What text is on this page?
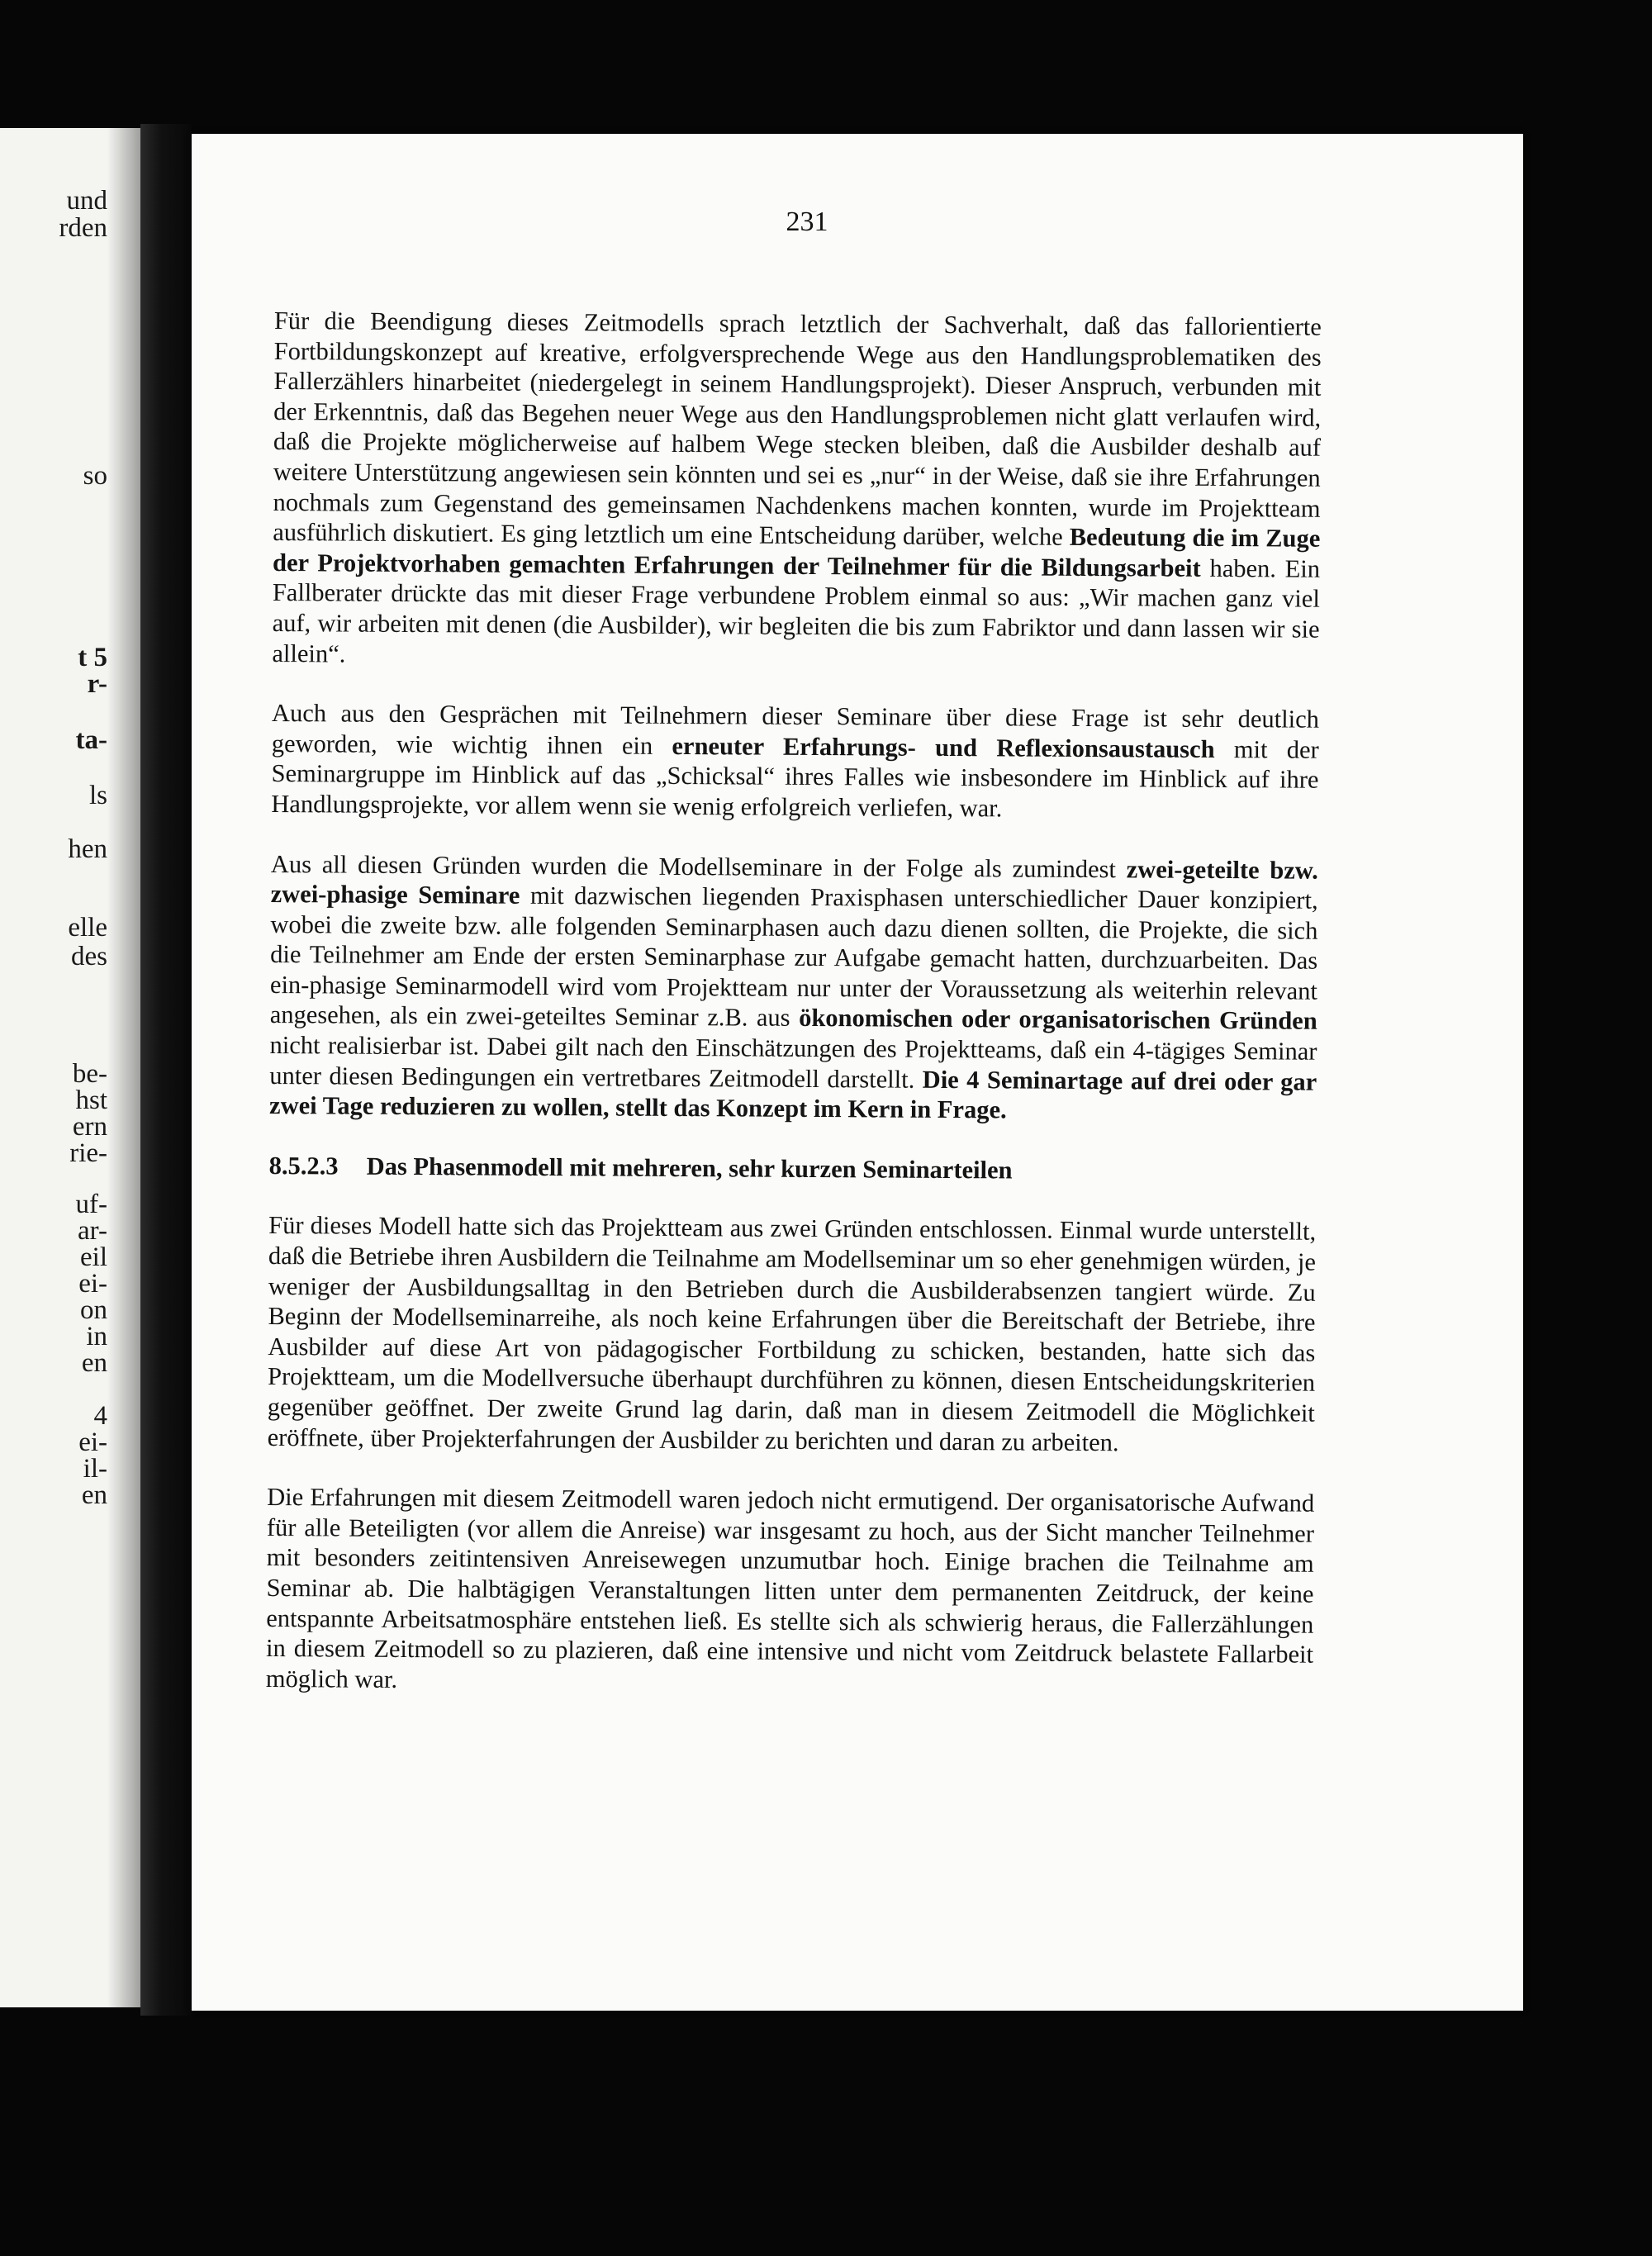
und
rden
so
t 5
r-
ta-
ls
hen
elle
des
be-
hst
ern
rie-
uf-
ar-
eil
ei-
on
in
en
4
ei-
il-
en
231

Für die Beendigung dieses Zeitmodells sprach letztlich der Sachverhalt, daß das fallorientierte Fortbildungskonzept auf kreative, erfolgversprechende Wege aus den Handlungsproblematiken des Fallerzählers hinarbeitet (niedergelegt in seinem Handlungsprojekt). Dieser Anspruch, verbunden mit der Erkenntnis, daß das Begehen neuer Wege aus den Handlungsproblemen nicht glatt verlaufen wird, daß die Projekte möglicherweise auf halbem Wege stecken bleiben, daß die Ausbilder deshalb auf weitere Unterstützung angewiesen sein könnten und sei es „nur“ in der Weise, daß sie ihre Erfahrungen nochmals zum Gegenstand des gemeinsamen Nachdenkens machen konnten, wurde im Projektteam ausführlich diskutiert. Es ging letztlich um eine Entscheidung darüber, welche Bedeutung die im Zuge der Projektvorhaben gemachten Erfahrungen der Teilnehmer für die Bildungsarbeit haben. Ein Fallberater drückte das mit dieser Frage verbundene Problem einmal so aus: „Wir machen ganz viel auf, wir arbeiten mit denen (die Ausbilder), wir begleiten die bis zum Fabriktor und dann lassen wir sie allein“.

Auch aus den Gesprächen mit Teilnehmern dieser Seminare über diese Frage ist sehr deutlich geworden, wie wichtig ihnen ein erneuter Erfahrungs- und Reflexionsaustausch mit der Seminargruppe im Hinblick auf das „Schicksal“ ihres Falles wie insbesondere im Hinblick auf ihre Handlungsprojekte, vor allem wenn sie wenig erfolgreich verliefen, war.

Aus all diesen Gründen wurden die Modellseminare in der Folge als zumindest zwei-geteilte bzw. zwei-phasige Seminare mit dazwischen liegenden Praxisphasen unterschiedlicher Dauer konzipiert, wobei die zweite bzw. alle folgenden Seminarphasen auch dazu dienen sollten, die Projekte, die sich die Teilnehmer am Ende der ersten Seminarphase zur Aufgabe gemacht hatten, durchzuarbeiten. Das ein-phasige Seminarmodell wird vom Projektteam nur unter der Voraussetzung als weiterhin relevant angesehen, als ein zwei-geteiltes Seminar z.B. aus ökonomischen oder organisatorischen Gründen nicht realisierbar ist. Dabei gilt nach den Einschätzungen des Projektteams, daß ein 4-tägiges Seminar unter diesen Bedingungen ein vertretbares Zeitmodell darstellt. Die 4 Seminartage auf drei oder gar zwei Tage reduzieren zu wollen, stellt das Konzept im Kern in Frage.

8.5.2.3 Das Phasenmodell mit mehreren, sehr kurzen Seminarteilen

Für dieses Modell hatte sich das Projektteam aus zwei Gründen entschlossen. Einmal wurde unterstellt, daß die Betriebe ihren Ausbildern die Teilnahme am Modellseminar um so eher genehmigen würden, je weniger der Ausbildungsalltag in den Betrieben durch die Ausbilderabsenzen tangiert würde. Zu Beginn der Modellseminarreihe, als noch keine Erfahrungen über die Bereitschaft der Betriebe, ihre Ausbilder auf diese Art von pädagogischer Fortbildung zu schicken, bestanden, hatte sich das Projektteam, um die Modellversuche überhaupt durchführen zu können, diesen Entscheidungskriterien gegenüber geöffnet. Der zweite Grund lag darin, daß man in diesem Zeitmodell die Möglichkeit eröffnete, über Projekterfahrungen der Ausbilder zu berichten und daran zu arbeiten.

Die Erfahrungen mit diesem Zeitmodell waren jedoch nicht ermutigend. Der organisatorische Aufwand für alle Beteiligten (vor allem die Anreise) war insgesamt zu hoch, aus der Sicht mancher Teilnehmer mit besonders zeitintensiven Anreisewegen unzumutbar hoch. Einige brachen die Teilnahme am Seminar ab. Die halbtägigen Veranstaltungen litten unter dem permanenten Zeitdruck, der keine entspannte Arbeitsatmosphäre entstehen ließ. Es stellte sich als schwierig heraus, die Fallerzählungen in diesem Zeitmodell so zu plazieren, daß eine intensive und nicht vom Zeitdruck belastete Fallarbeit möglich war.
